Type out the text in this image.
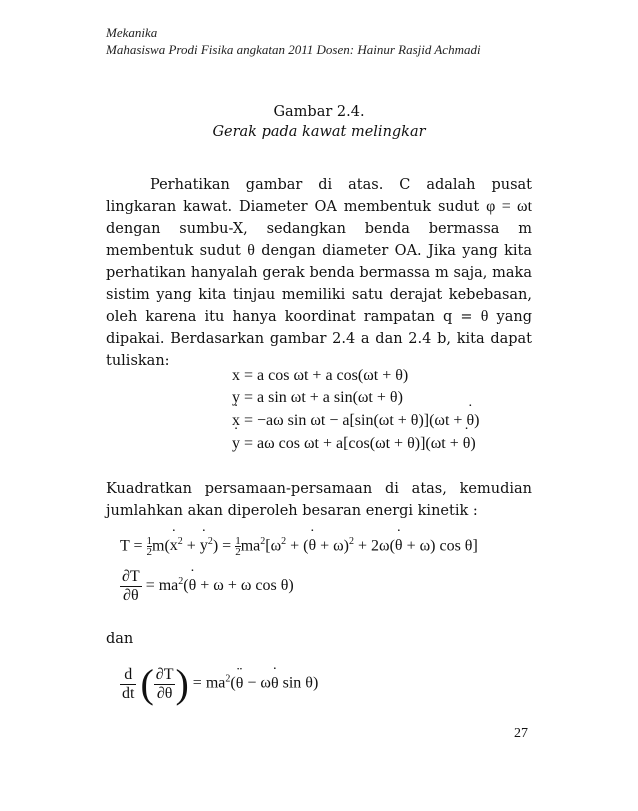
Mekanika
Mahasiswa Prodi Fisika angkatan 2011 Dosen: Hainur Rasjid Achmadi
Gambar 2.4.
Gerak pada kawat melingkar

Perhatikan gambar di atas. C adalah pusat lingkaran kawat. Diameter OA membentuk sudut φ = ωt dengan sumbu-X, sedangkan benda bermassa m membentuk sudut θ dengan diameter OA. Jika yang kita perhatikan hanyalah gerak benda bermassa m saja, maka sistim yang kita tinjau memiliki satu derajat kebebasan, oleh karena itu hanya koordinat rampatan q = θ yang dipakai. Berdasarkan gambar 2.4 a dan 2.4 b, kita dapat tuliskan:

x = a cos ωt + a cos(ωt + θ)
y = a sin ωt + a sin(ωt + θ)
x ˙ = −aω sin ωt − a[sin(ωt + θ)](ωt + θ ˙)
y ˙ = aω cos ωt + a[cos(ωt + θ)](ωt + θ ˙)

Kuadratkan persamaan-persamaan di atas, kemudian jumlahkan akan diperoleh besaran energi kinetik :

$T = \frac{1}{2}m(x$ ˙$^2$ + y ˙$^2$) = $\frac{1}{2}ma^2[\omega^2 + (\theta$ ˙ + ω)$^2$ + 2ω(θ ˙ + ω) cos θ]
$\frac{\partial T}{\partial\theta}$ ˙ = $ma^2(\theta$ ˙ + ω + ω cos θ)
dan
$\frac{d}{dt}$ ( $\frac{\partial T}{\partial\theta}$ ˙ ) = $ma^2(\theta$ ¨ − ωθ ˙ sin θ)
27
